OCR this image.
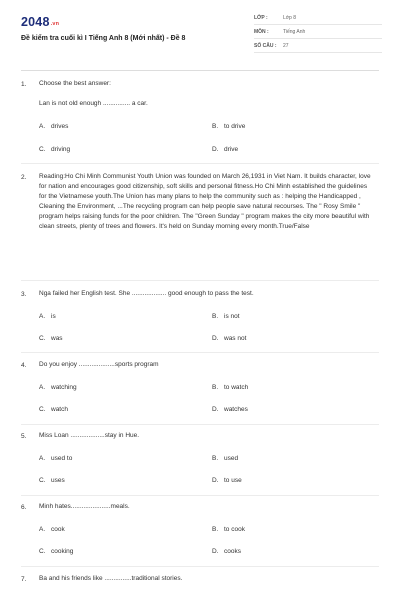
2048.vn
Đề kiểm tra cuối kì I Tiếng Anh 8 (Mới nhất) - Đề 8
LỚP :	Lớp 8
MÔN :	Tiếng Anh
SỐ CÂU : 27
1. Choose the best answer:
Lan is not old enough ............... a car.
A. drives	B. to drive
C. driving	D. drive
2. Reading:Ho Chi Minh Communist Youth Union was founded on March 26,1931 in Viet Nam. It builds character, love for nation and encourages good citizenship, soft skills and personal fitness.Ho Chi Minh established the guidelines for the Vietnamese youth.The Union has many plans to help the community such as : helping the Handicapped , Cleaning the Environment, ...The recycling program can help people save natural recourses. The " Rosy Smile " program helps raising funds for the poor children. The "Green Sunday " program makes the city more beautiful with clean streets, plenty of trees and flowers. It's held on Sunday morning every month.True/False
3. Nga failed her English test. She ................... good enough to pass the test.
A. is	B. is not
C. was	D. was not
4. Do you enjoy ....................sports program
A. watching	B. to watch
C. watch	D. watches
5. Miss Loan ...................stay in Hue.
A. used to	B. used
C. uses	D. to use
6. Minh hates......................meals.
A. cook	B. to cook
C. cooking	D. cooks
7. Ba and his friends like ...............traditional stories.
